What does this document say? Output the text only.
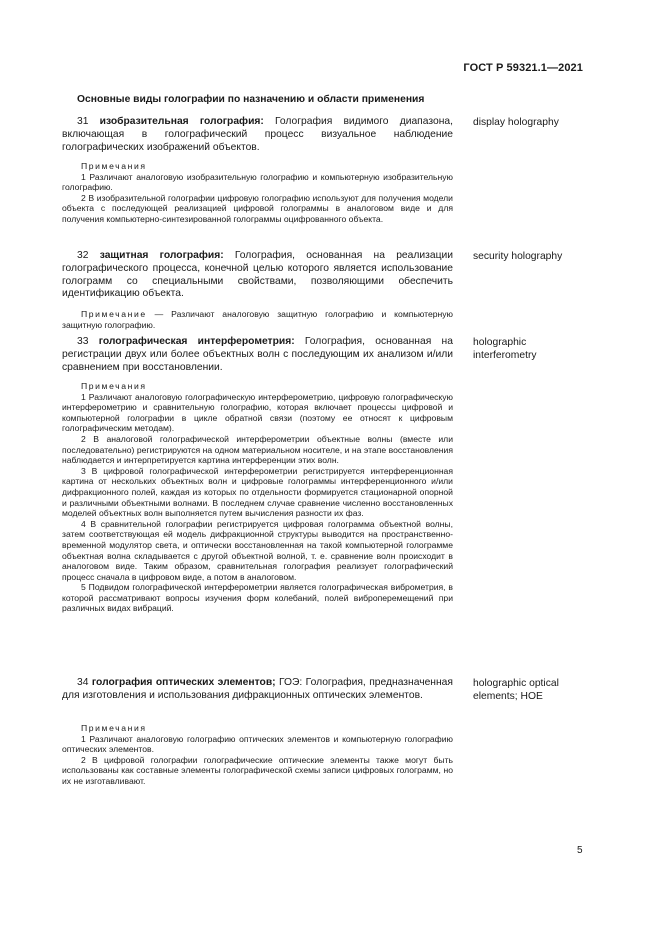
ГОСТ Р 59321.1—2021
Основные виды голографии по назначению и области применения
31 изобразительная голография: Голография видимого диапазона, включающая в голографический процесс визуальное наблюдение голографических изображений объектов.
display holography
Примечания
1 Различают аналоговую изобразительную голографию и компьютерную изобразительную голографию.
2 В изобразительной голографии цифровую голографию используют для получения модели объекта с последующей реализацией цифровой голограммы в аналоговом виде и для получения компьютерно-синтезированной голограммы оцифрованного объекта.
32 защитная голография: Голография, основанная на реализации голографического процесса, конечной целью которого является использование голограмм со специальными свойствами, позволяющими обеспечить идентификацию объекта.
security holography
Примечание — Различают аналоговую защитную голографию и компьютерную защитную голографию.
33 голографическая интерферометрия: Голография, основанная на регистрации двух или более объектных волн с последующим их анализом и/или сравнением при восстановлении.
holographic interferometry
Примечания
1 Различают аналоговую голографическую интерферометрию, цифровую голографическую интерферометрию и сравнительную голографию, которая включает процессы цифровой и компьютерной голографии в цикле обратной связи (поэтому ее относят к цифровым голографическим методам).
2 В аналоговой голографической интерферометрии объектные волны (вместе или последовательно) регистрируются на одном материальном носителе, и на этапе восстановления наблюдается и интерпретируется картина интерференции этих волн.
3 В цифровой голографической интерферометрии регистрируется интерференционная картина от нескольких объектных волн и цифровые голограммы интерференционного и/или дифракционного полей, каждая из которых по отдельности формируется стационарной опорной и различными объектными волнами. В последнем случае сравнение численно восстановленных моделей объектных волн выполняется путем вычисления разности их фаз.
4 В сравнительной голографии регистрируется цифровая голограмма объектной волны, затем соответствующая ей модель дифракционной структуры выводится на пространственно-временной модулятор света, и оптически восстановленная на такой компьютерной голограмме объектная волна складывается с другой объектной волной, т. е. сравнение волн происходит в аналоговом виде. Таким образом, сравнительная голография реализует голографический процесс сначала в цифровом виде, а потом в аналоговом.
5 Подвидом голографической интерферометрии является голографическая виброметрия, в которой рассматривают вопросы изучения форм колебаний, полей виброперемещений при различных видах вибраций.
34 голография оптических элементов; ГОЭ: Голография, предназначенная для изготовления и использования дифракционных оптических элементов.
holographic optical elements; HOE
Примечания
1 Различают аналоговую голографию оптических элементов и компьютерную голографию оптических элементов.
2 В цифровой голографии голографические оптические элементы также могут быть использованы как составные элементы голографической схемы записи цифровых голограмм, но их не изготавливают.
5
